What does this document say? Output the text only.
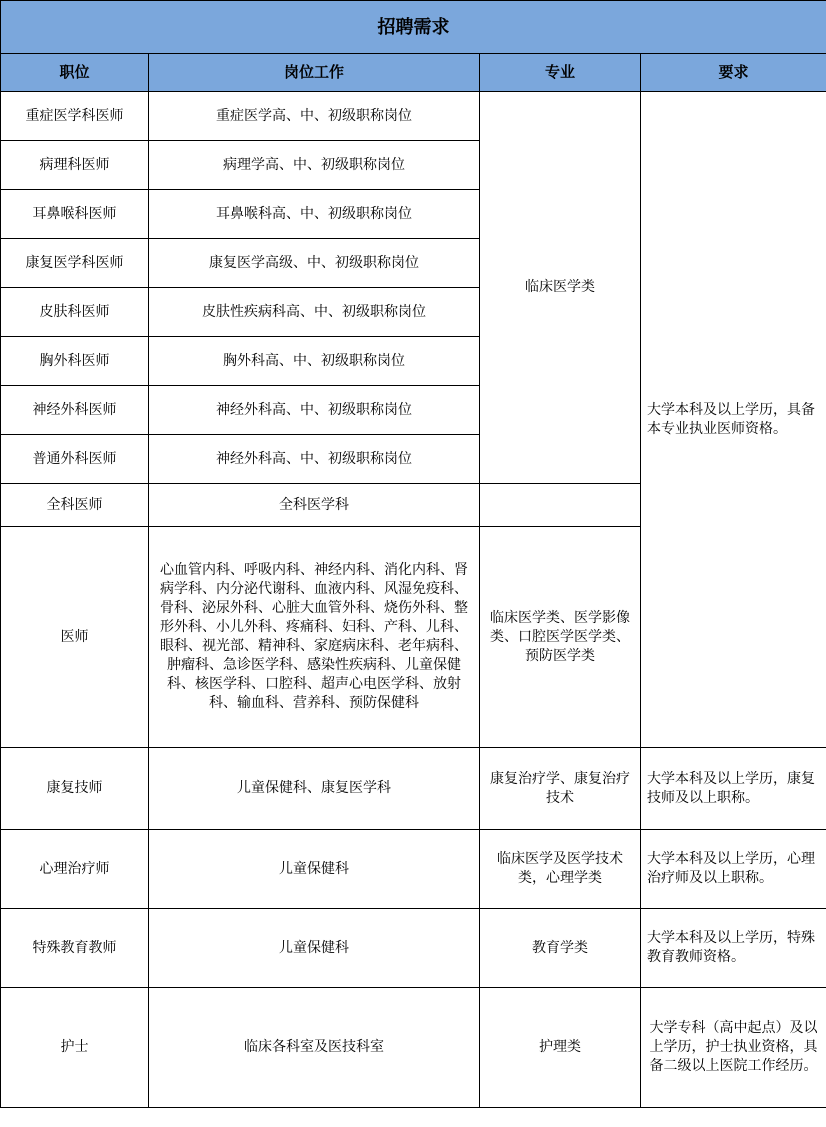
招聘需求			
职位	岗位工作	专业	要求
重症医学科医师	重症医学高、中、初级职称岗位	临床医学类	大学本科及以上学历，具备本专业执业医师资格。
病理科医师	病理学高、中、初级职称岗位		
耳鼻喉科医师	耳鼻喉科高、中、初级职称岗位		
康复医学科医师	康复医学高级、中、初级职称岗位		
皮肤科医师	皮肤性疾病科高、中、初级职称岗位		
胸外科医师	胸外科高、中、初级职称岗位		
神经外科医师	神经外科高、中、初级职称岗位		
普通外科医师	神经外科高、中、初级职称岗位		
全科医师	全科医学科		
医师	心血管内科、呼吸内科、神经内科、消化内科、肾病学科、内分泌代谢科、血液内科、风湿免疫科、骨科、泌尿外科、心脏大血管外科、烧伤外科、整形外科、小儿外科、疼痛科、妇科、产科、儿科、眼科、视光部、精神科、家庭病床科、老年病科、肿瘤科、急诊医学科、感染性疾病科、儿童保健科、核医学科、口腔科、超声心电医学科、放射科、输血科、营养科、预防保健科	临床医学类、医学影像类、口腔医学医学类、预防医学类	
康复技师	儿童保健科、康复医学科	康复治疗学、康复治疗技术	大学本科及以上学历，康复技师及以上职称。
心理治疗师	儿童保健科	临床医学及医学技术类，心理学类	大学本科及以上学历，心理治疗师及以上职称。
特殊教育教师	儿童保健科	教育学类	大学本科及以上学历，特殊教育教师资格。
护士	临床各科室及医技科室	护理类	大学专科（高中起点）及以上学历，护士执业资格，具备二级以上医院工作经历。
